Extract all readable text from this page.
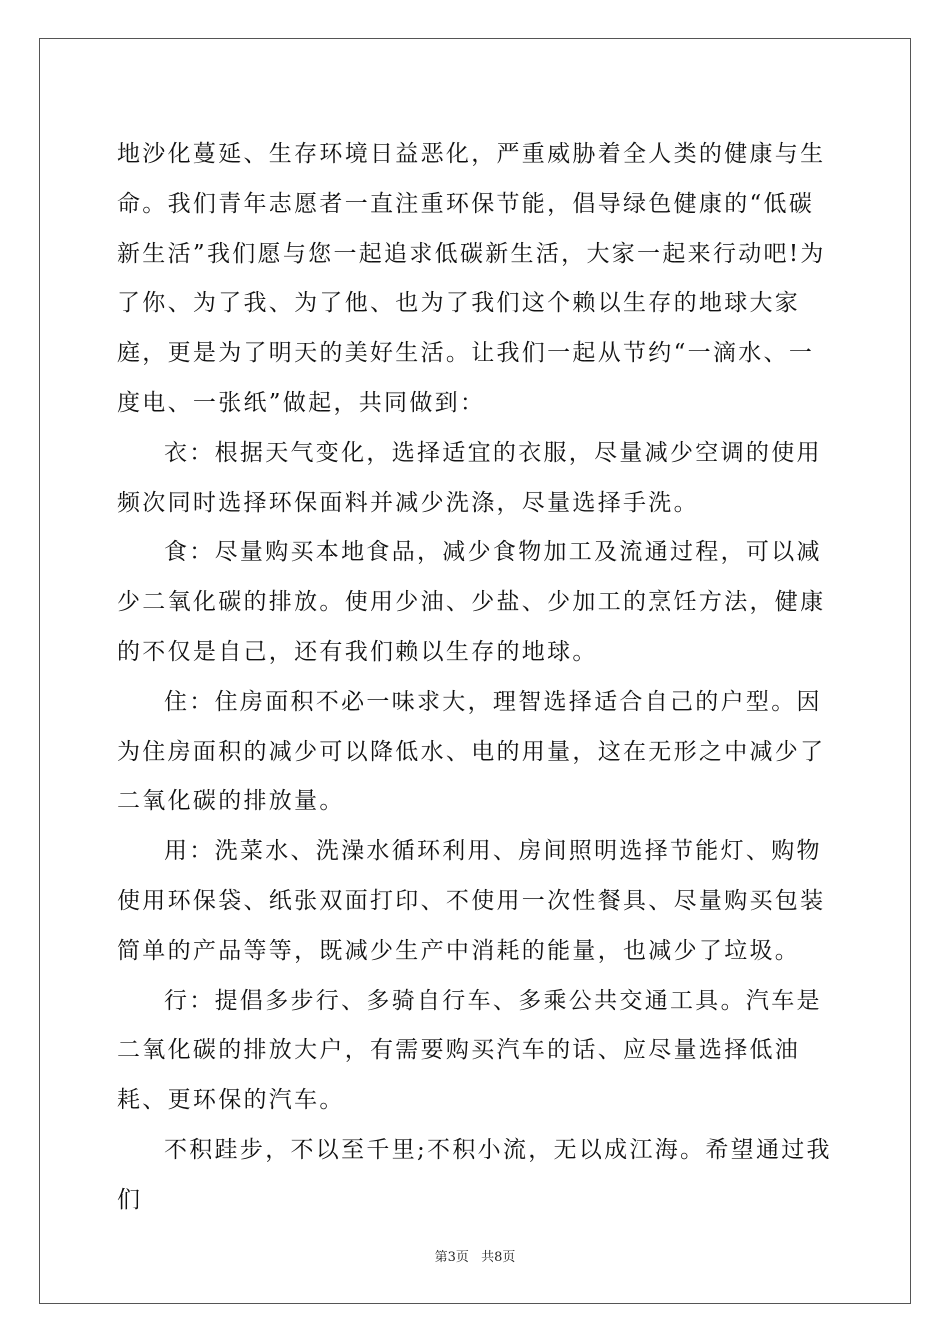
地沙化蔓延、生存环境日益恶化，严重威胁着全人类的健康与生命。我们青年志愿者一直注重环保节能，倡导绿色健康的“低碳新生活”我们愿与您一起追求低碳新生活，大家一起来行动吧!为了你、为了我、为了他、也为了我们这个赖以生存的地球大家庭，更是为了明天的美好生活。让我们一起从节约“一滴水、一度电、一张纸”做起，共同做到：

衣：根据天气变化，选择适宜的衣服，尽量减少空调的使用频次同时选择环保面料并减少洗涤，尽量选择手洗。

食：尽量购买本地食品，减少食物加工及流通过程，可以减少二氧化碳的排放。使用少油、少盐、少加工的烹饪方法，健康的不仅是自己，还有我们赖以生存的地球。

住：住房面积不必一味求大，理智选择适合自己的户型。因为住房面积的减少可以降低水、电的用量，这在无形之中减少了二氧化碳的排放量。

用：洗菜水、洗澡水循环利用、房间照明选择节能灯、购物使用环保袋、纸张双面打印、不使用一次性餐具、尽量购买包装简单的产品等等，既减少生产中消耗的能量，也减少了垃圾。

行：提倡多步行、多骑自行车、多乘公共交通工具。汽车是二氧化碳的排放大户，有需要购买汽车的话、应尽量选择低油耗、更环保的汽车。

不积跬步，不以至千里;不积小流，无以成江海。希望通过我们

第3页 共8页
